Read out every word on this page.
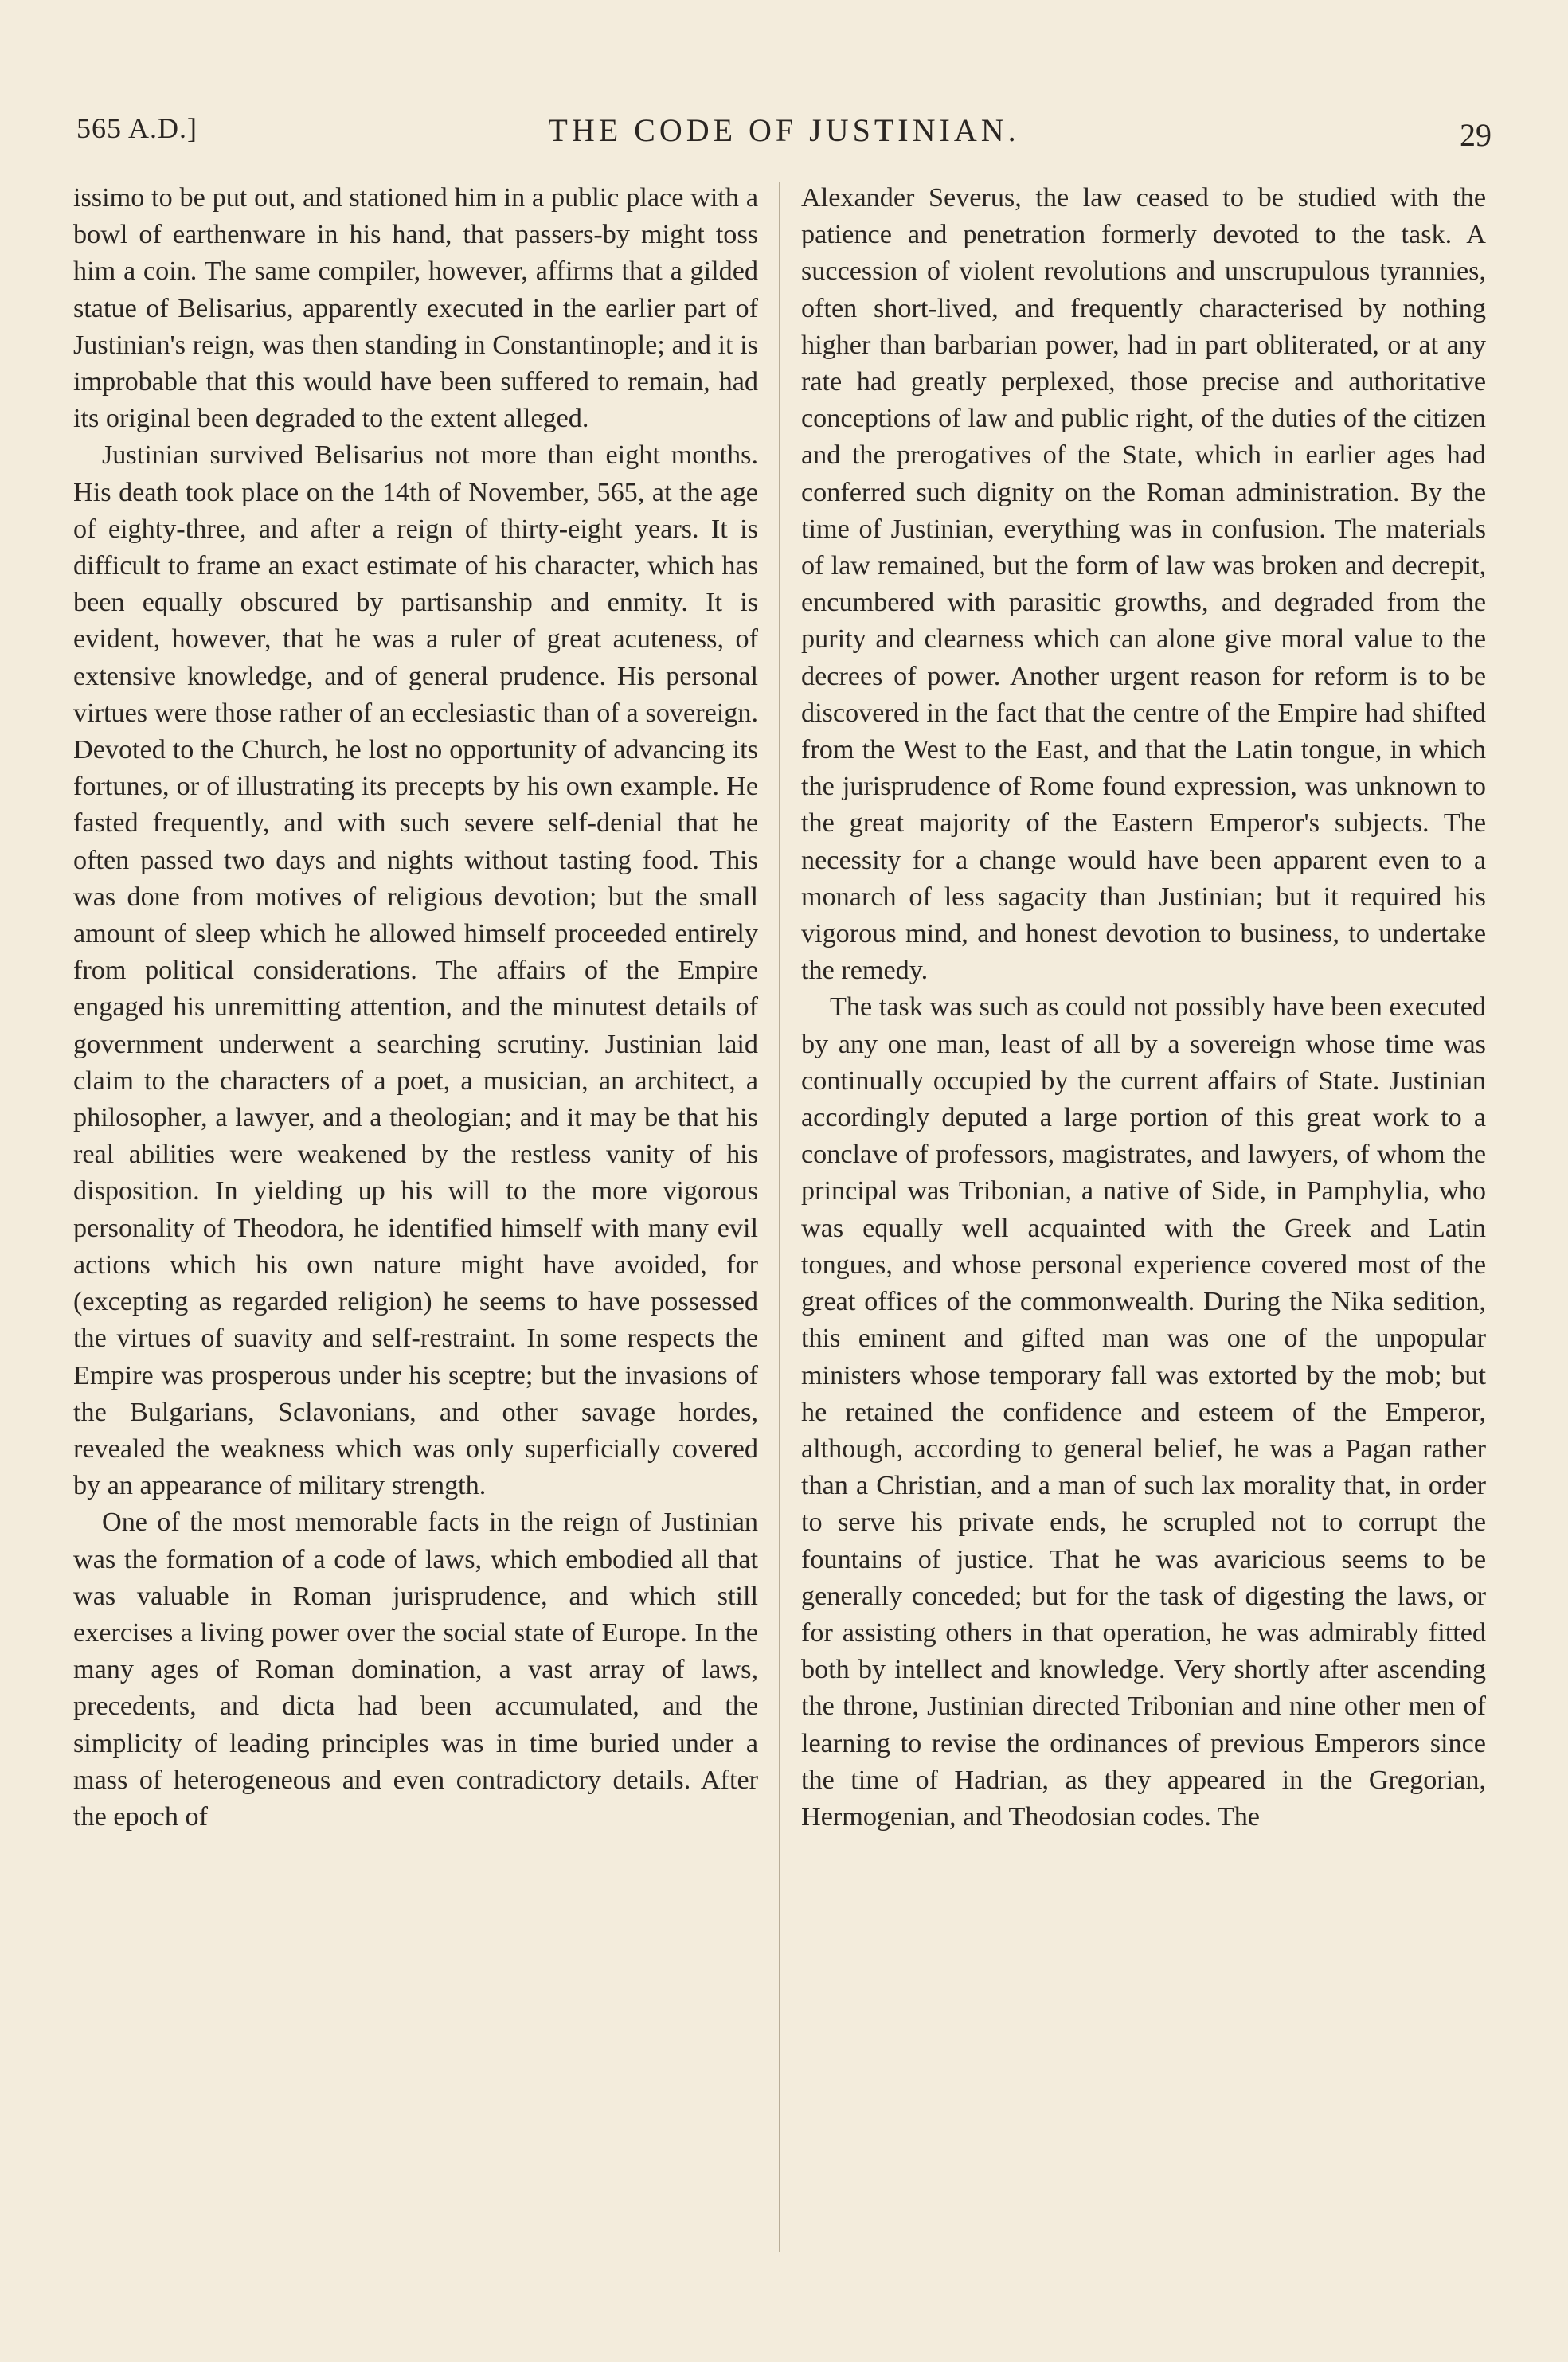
565 A.D.]	THE CODE OF JUSTINIAN.	29

issimo to be put out, and stationed him in a public place with a bowl of earthenware in his hand, that passers-by might toss him a coin. The same compiler, however, affirms that a gilded statue of Belisarius, apparently executed in the earlier part of Justinian's reign, was then standing in Constantinople; and it is improbable that this would have been suffered to remain, had its original been degraded to the extent alleged.

Justinian survived Belisarius not more than eight months. His death took place on the 14th of November, 565, at the age of eighty-three, and after a reign of thirty-eight years. It is difficult to frame an exact estimate of his character, which has been equally obscured by partisanship and enmity. It is evident, however, that he was a ruler of great acuteness, of extensive knowledge, and of general prudence. His personal virtues were those rather of an ecclesiastic than of a sovereign. Devoted to the Church, he lost no opportunity of advancing its fortunes, or of illustrating its precepts by his own example. He fasted frequently, and with such severe self-denial that he often passed two days and nights without tasting food. This was done from motives of religious devotion; but the small amount of sleep which he allowed himself proceeded entirely from political considerations. The affairs of the Empire engaged his unremitting attention, and the minutest details of government underwent a searching scrutiny. Justinian laid claim to the characters of a poet, a musician, an architect, a philosopher, a lawyer, and a theologian; and it may be that his real abilities were weakened by the restless vanity of his disposition. In yielding up his will to the more vigorous personality of Theodora, he identified himself with many evil actions which his own nature might have avoided, for (excepting as regarded religion) he seems to have possessed the virtues of suavity and self-restraint. In some respects the Empire was prosperous under his sceptre; but the invasions of the Bulgarians, Sclavonians, and other savage hordes, revealed the weakness which was only superficially covered by an appearance of military strength.

One of the most memorable facts in the reign of Justinian was the formation of a code of laws, which embodied all that was valuable in Roman jurisprudence, and which still exercises a living power over the social state of Europe. In the many ages of Roman domination, a vast array of laws, precedents, and dicta had been accumulated, and the simplicity of leading principles was in time buried under a mass of heterogeneous and even contradictory details. After the epoch of

Alexander Severus, the law ceased to be studied with the patience and penetration formerly devoted to the task. A succession of violent revolutions and unscrupulous tyrannies, often short-lived, and frequently characterised by nothing higher than barbarian power, had in part obliterated, or at any rate had greatly perplexed, those precise and authoritative conceptions of law and public right, of the duties of the citizen and the prerogatives of the State, which in earlier ages had conferred such dignity on the Roman administration. By the time of Justinian, everything was in confusion. The materials of law remained, but the form of law was broken and decrepit, encumbered with parasitic growths, and degraded from the purity and clearness which can alone give moral value to the decrees of power. Another urgent reason for reform is to be discovered in the fact that the centre of the Empire had shifted from the West to the East, and that the Latin tongue, in which the jurisprudence of Rome found expression, was unknown to the great majority of the Eastern Emperor's subjects. The necessity for a change would have been apparent even to a monarch of less sagacity than Justinian; but it required his vigorous mind, and honest devotion to business, to undertake the remedy.

The task was such as could not possibly have been executed by any one man, least of all by a sovereign whose time was continually occupied by the current affairs of State. Justinian accordingly deputed a large portion of this great work to a conclave of professors, magistrates, and lawyers, of whom the principal was Tribonian, a native of Side, in Pamphylia, who was equally well acquainted with the Greek and Latin tongues, and whose personal experience covered most of the great offices of the commonwealth. During the Nika sedition, this eminent and gifted man was one of the unpopular ministers whose temporary fall was extorted by the mob; but he retained the confidence and esteem of the Emperor, although, according to general belief, he was a Pagan rather than a Christian, and a man of such lax morality that, in order to serve his private ends, he scrupled not to corrupt the fountains of justice. That he was avaricious seems to be generally conceded; but for the task of digesting the laws, or for assisting others in that operation, he was admirably fitted both by intellect and knowledge. Very shortly after ascending the throne, Justinian directed Tribonian and nine other men of learning to revise the ordinances of previous Emperors since the time of Hadrian, as they appeared in the Gregorian, Hermogenian, and Theodosian codes. The
